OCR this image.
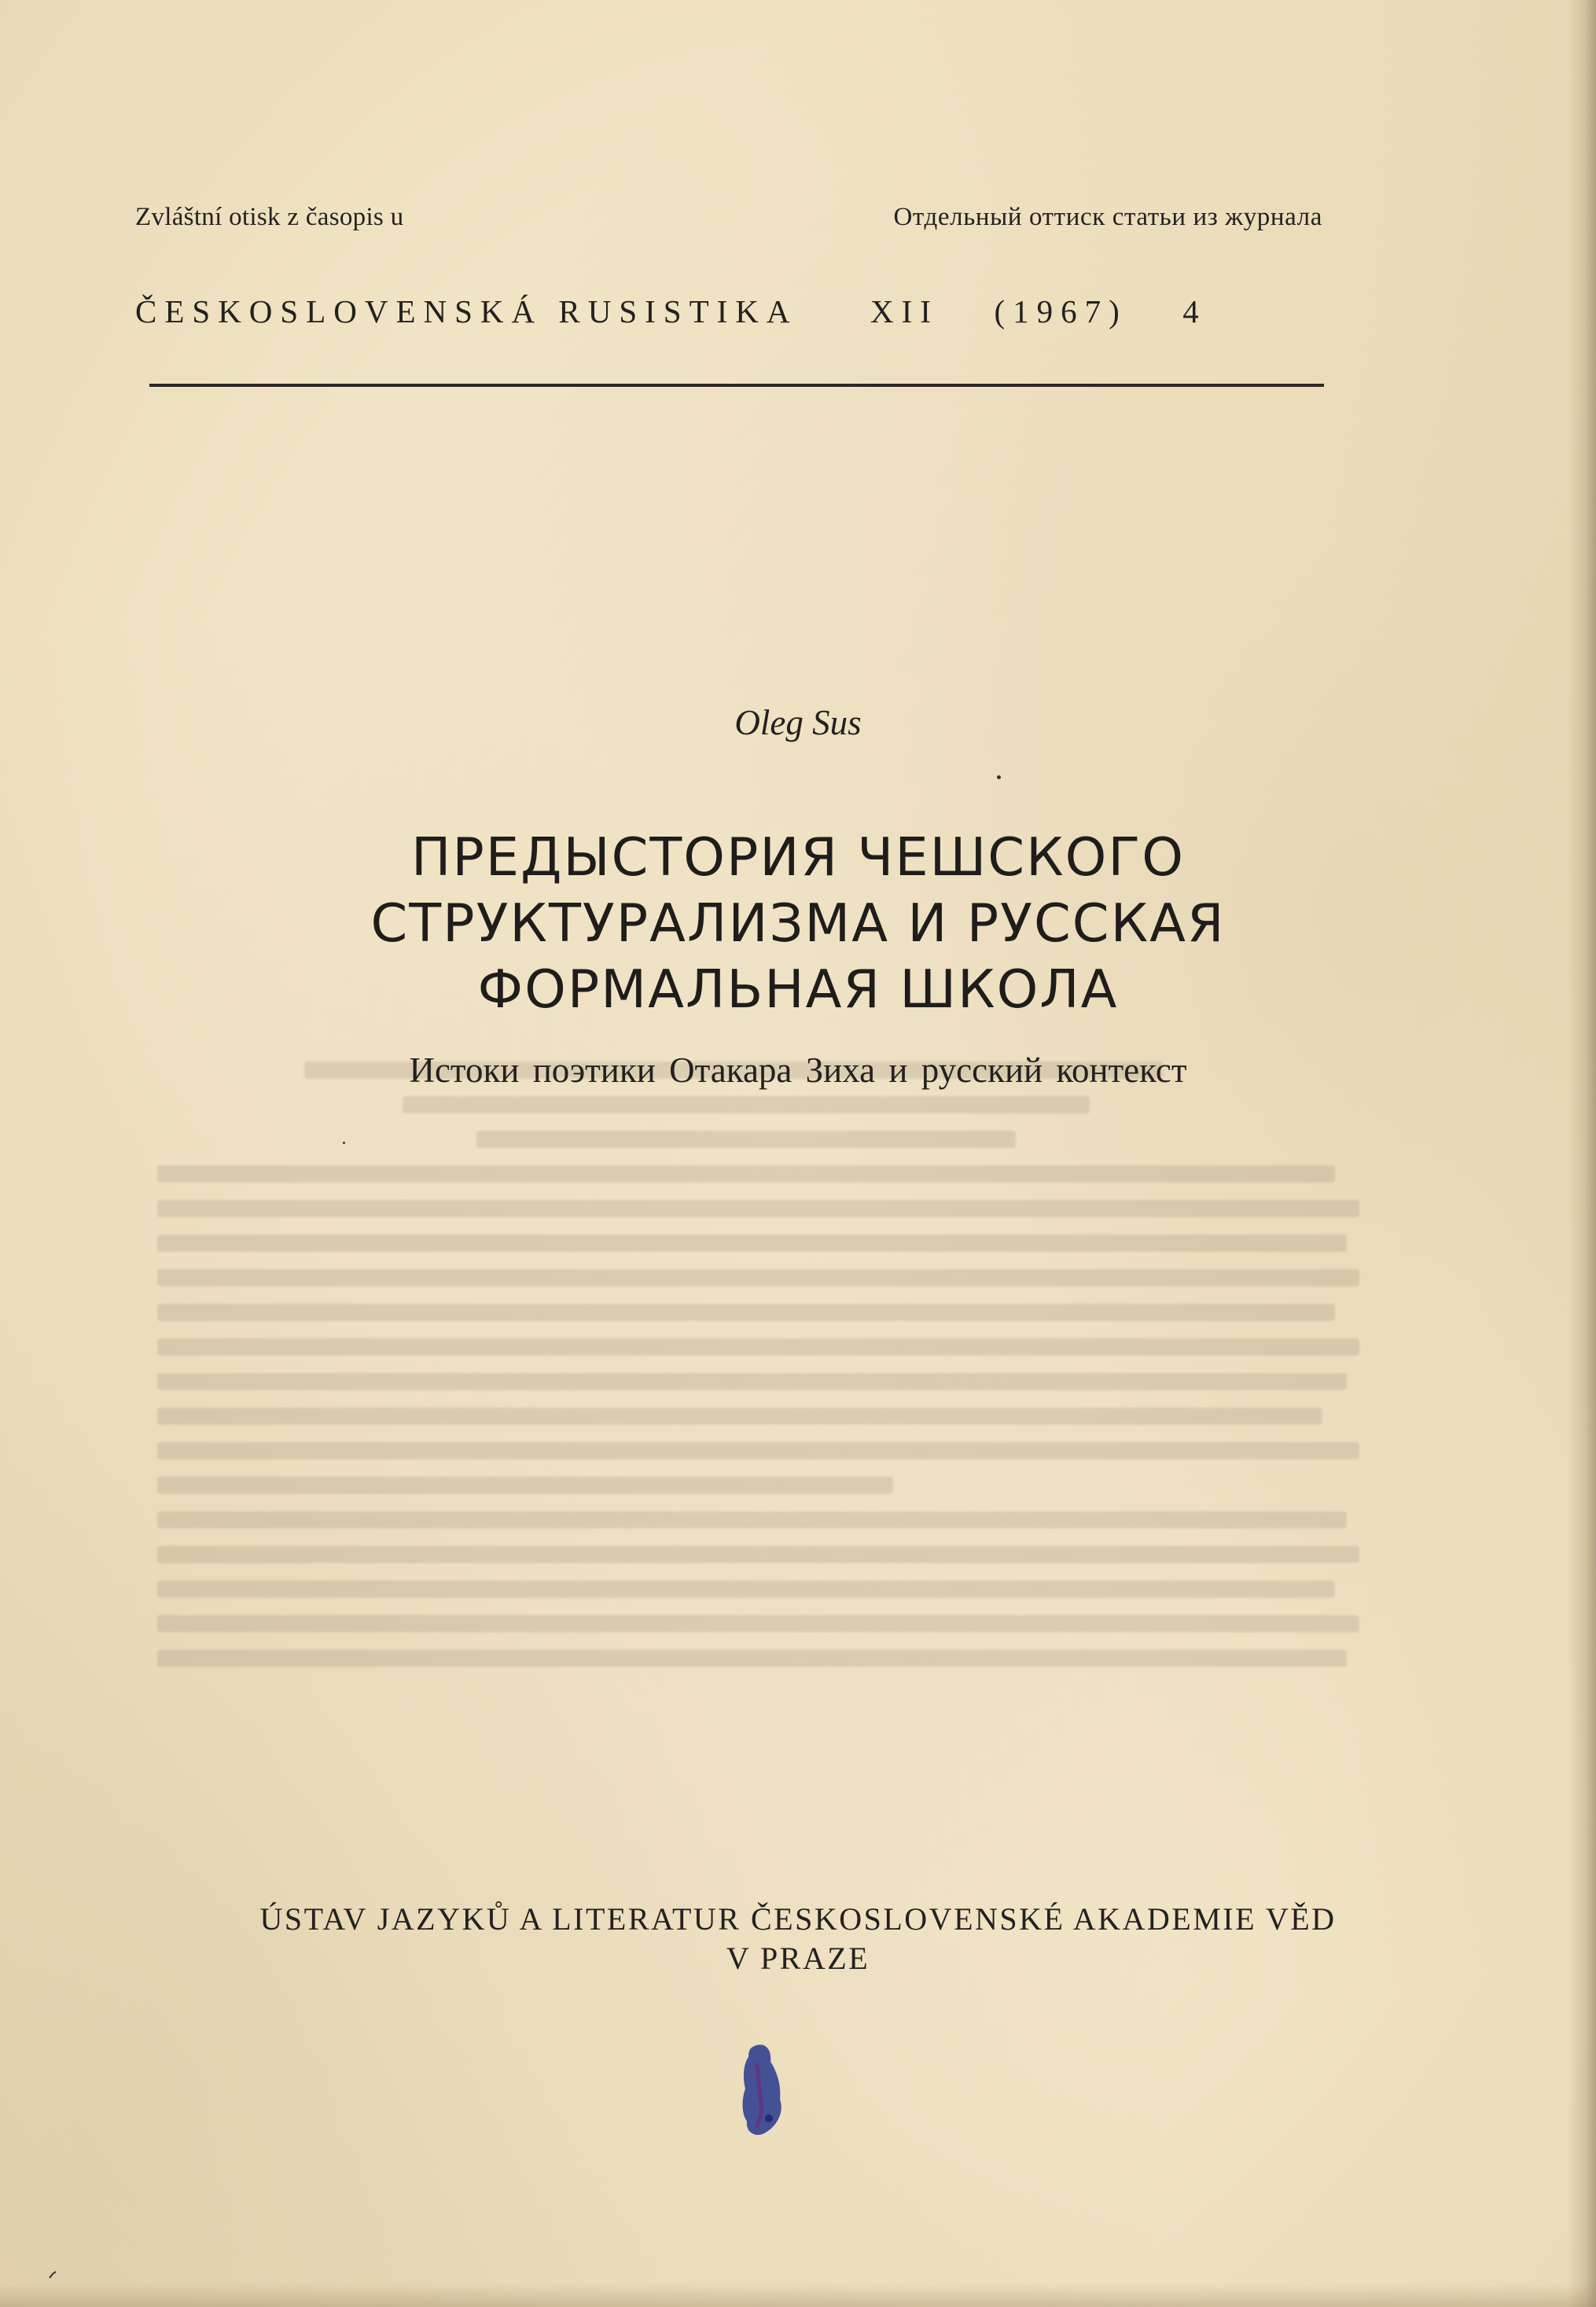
Zvláštní otisk z časopis u	Отдельный оттиск статьи из журнала
ČESKOSLOVENSKÁ RUSISTIKA XII (1967) 4
Oleg Sus
ПРЕДЫСТОРИЯ ЧЕШСКОГО
СТРУКТУРАЛИЗМА И РУССКАЯ
ФОРМАЛЬНАЯ ШКОЛА
Истоки поэтики Отакара Зиха и русский контекст
ÚSTAV JAZYKŮ A LITERATUR ČESKOSLOVENSKÉ AKADEMIE VĚD
V PRAZE
